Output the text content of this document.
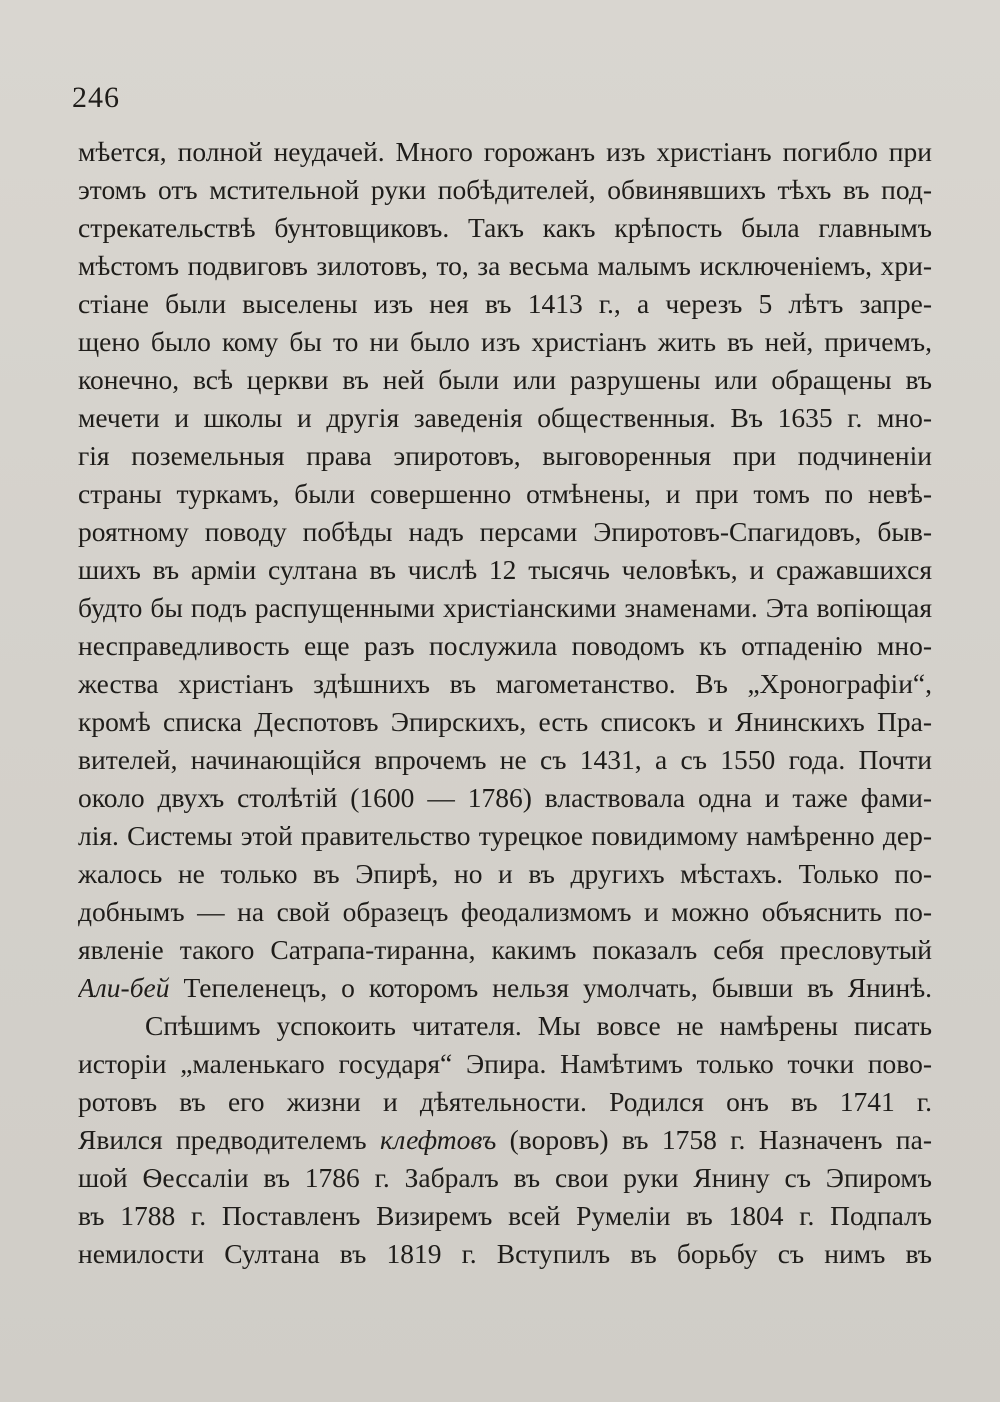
246
мѣется, полной неудачей. Много горожанъ изъ христіанъ погибло при
этомъ отъ мстительной руки побѣдителей, обвинявшихъ тѣхъ въ под-
стрекательствѣ бунтовщиковъ. Такъ какъ крѣпость была главнымъ
мѣстомъ подвиговъ зилотовъ, то, за весьма малымъ исключеніемъ, хри-
стіане были выселены изъ нея въ 1413 г., а черезъ 5 лѣтъ запре-
щено было кому бы то ни было изъ христіанъ жить въ ней, причемъ,
конечно, всѣ церкви въ ней были или разрушены или обращены въ
мечети и школы и другія заведенія общественныя. Въ 1635 г. мно-
гія поземельныя права эпиротовъ, выговоренныя при подчиненіи
страны туркамъ, были совершенно отмѣнены, и при томъ по невѣ-
роятному поводу побѣды надъ персами Эпиротовъ-Спагидовъ, быв-
шихъ въ арміи султана въ числѣ 12 тысячь человѣкъ, и сражавшихся
будто бы подъ распущенными христіанскими знаменами. Эта вопіющая
несправедливость еще разъ послужила поводомъ къ отпаденію мно-
жества христіанъ здѣшнихъ въ магометанство. Въ „Хронографіи“,
кромѣ списка Деспотовъ Эпирскихъ, есть списокъ и Янинскихъ Пра-
вителей, начинающійся впрочемъ не съ 1431, а съ 1550 года. Почти
около двухъ столѣтій (1600 — 1786) властвовала одна и таже фами-
лія. Системы этой правительство турецкое повидимому намѣренно дер-
жалось не только въ Эпирѣ, но и въ другихъ мѣстахъ. Только по-
добнымъ — на свой образецъ феодализмомъ и можно объяснить по-
явленіе такого Сатрапа-тиранна, какимъ показалъ себя пресловутый
Али-бей Тепеленецъ, о которомъ нельзя умолчать, бывши въ Янинѣ.
Спѣшимъ успокоить читателя. Мы вовсе не намѣрены писать
исторіи „маленькаго государя“ Эпира. Намѣтимъ только точки пово-
ротовъ въ его жизни и дѣятельности. Родился онъ въ 1741 г.
Явился предводителемъ клефтовъ (воровъ) въ 1758 г. Назначенъ па-
шой Ѳессалiи въ 1786 г. Забралъ въ свои руки Янину съ Эпиромъ
въ 1788 г. Поставленъ Визиремъ всей Румеліи въ 1804 г. Подпалъ
немилости Султана въ 1819 г. Вступилъ въ борьбу съ нимъ въ
